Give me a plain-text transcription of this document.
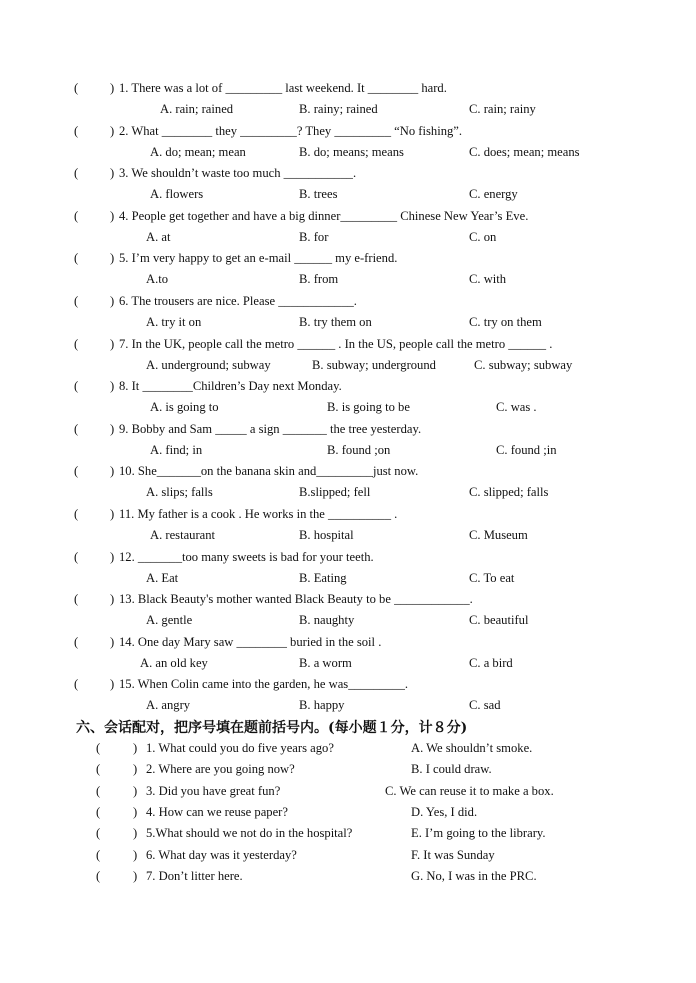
(	) 1. There was a lot of _________ last weekend. It ________ hard.
A. rain; rained	B. rainy; rained	C. rain; rainy
(	) 2. What ________ they _________? They _________ “No fishing”.
A. do; mean; mean	B. do; means; means	C. does; mean; means
(	) 3. We shouldn’t waste too much ___________.
A. flowers	B. trees	C. energy
(	) 4. People get together and have a big dinner_________ Chinese New Year’s Eve.
A. at	B. for	C. on
(	) 5. I’m very happy to get an e-mail ______ my e-friend.
A.to	B. from	C. with
(	) 6. The trousers are nice. Please ____________.
A. try it on	B. try them on	C. try on them
(	) 7. In the UK, people call the metro ______ . In the US, people call the metro ______ .
A. underground; subway	B. subway; underground	C. subway; subway
(	) 8. It ________Children’s Day next Monday.
A. is going to	B. is going to be	C. was .
(	) 9. Bobby and Sam _____ a sign _______ the tree yesterday.
A. find; in	B. found ;on	C. found ;in
(	) 10. She_______on the banana skin and_________just now.
A. slips; falls	B.slipped; fell	C. slipped; falls
(	) 11. My father is a cook . He works in the __________ .
A. restaurant	B. hospital	C. Museum
(	) 12. _______too many sweets is bad for your teeth.
A. Eat	B. Eating	C. To eat
(	) 13. Black Beauty's mother wanted Black Beauty to be ____________.
A. gentle	B. naughty	C. beautiful
(	) 14. One day Mary saw ________ buried in the soil .
A. an old key	B. a worm	C. a bird
(	) 15. When Colin came into the garden, he was_________.
A. angry	B. happy	C. sad
六、会话配对，把序号填在题前括号内。(每小题１分，计８分)
(	) 1. What could you do five years ago?	A. We shouldn’t smoke.
(	) 2. Where are you going now?	B. I could draw.
(	) 3. Did you have great fun?	C. We can reuse it to make a box.
(	) 4. How can we reuse paper?	D. Yes, I did.
(	) 5.What should we not do in the hospital?	E. I’m going to the library.
(	) 6. What day was it yesterday?	F. It was Sunday
(	) 7. Don’t litter here.	G. No, I was in the PRC.
